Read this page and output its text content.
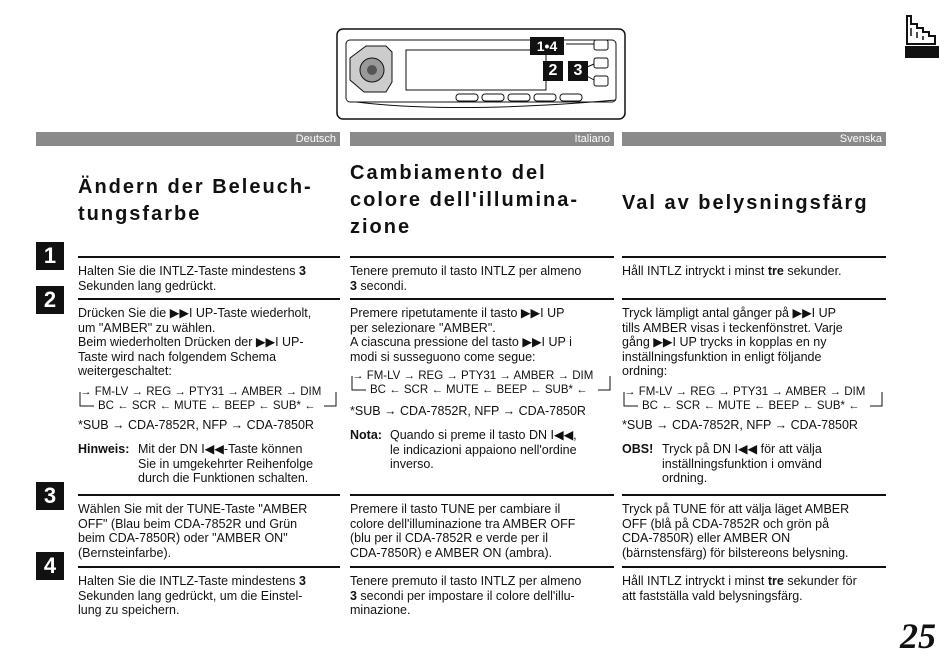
1•4
2	3
Deutsch	Italiano	Svenska
Ändern der Beleuch-
tungsfarbe
Cambiamento del
colore dell'illumina-
zione
Val av belysningsfärg
1
2
3
4
Halten Sie die INTLZ-Taste mindestens 3
Sekunden lang gedrückt.
Tenere premuto il tasto INTLZ per almeno
3 secondi.
Håll INTLZ intryckt i minst tre sekunder.
Drücken Sie die ▶▶I UP-Taste wiederholt,
um "AMBER" zu wählen.
Beim wiederholten Drücken der ▶▶I UP-
Taste wird nach folgendem Schema
weitergeschaltet:
→ FM-LV → REG → PTY31 → AMBER → DIM
BC ← SCR ← MUTE ← BEEP ← SUB* ←
*SUB → CDA-7852R, NFP → CDA-7850R
Hinweis: Mit der DN I◀◀-Taste können
Sie in umgekehrter Reihenfolge
durch die Funktionen schalten.
Premere ripetutamente il tasto ▶▶I UP
per selezionare "AMBER".
A ciascuna pressione del tasto ▶▶I UP i
modi si susseguono come segue:
→ FM-LV → REG → PTY31 → AMBER → DIM
BC ← SCR ← MUTE ← BEEP ← SUB* ←
*SUB → CDA-7852R, NFP → CDA-7850R
Nota: Quando si preme il tasto DN I◀◀,
le indicazioni appaiono nell'ordine
inverso.
Tryck lämpligt antal gånger på ▶▶I UP
tills AMBER visas i teckenfönstret. Varje
gång ▶▶I UP trycks in kopplas en ny
inställningsfunktion in enligt följande
ordning:
→ FM-LV → REG → PTY31 → AMBER → DIM
BC ← SCR ← MUTE ← BEEP ← SUB* ←
*SUB → CDA-7852R, NFP → CDA-7850R
OBS! Tryck på DN I◀◀ för att välja
inställningsfunktion i omvänd
ordning.
Wählen Sie mit der TUNE-Taste "AMBER
OFF" (Blau beim CDA-7852R und Grün
beim CDA-7850R) oder "AMBER ON"
(Bernsteinfarbe).
Premere il tasto TUNE per cambiare il
colore dell'illuminazione tra AMBER OFF
(blu per il CDA-7852R e verde per il
CDA-7850R) e AMBER ON (ambra).
Tryck på TUNE för att välja läget AMBER
OFF (blå på CDA-7852R och grön på
CDA-7850R) eller AMBER ON
(bärnstensfärg) för bilstereons belysning.
Halten Sie die INTLZ-Taste mindestens 3
Sekunden lang gedrückt, um die Einstel-
lung zu speichern.
Tenere premuto il tasto INTLZ per almeno
3 secondi per impostare il colore dell'illu-
minazione.
Håll INTLZ intryckt i minst tre sekunder för
att fastställa vald belysningsfärg.
25
